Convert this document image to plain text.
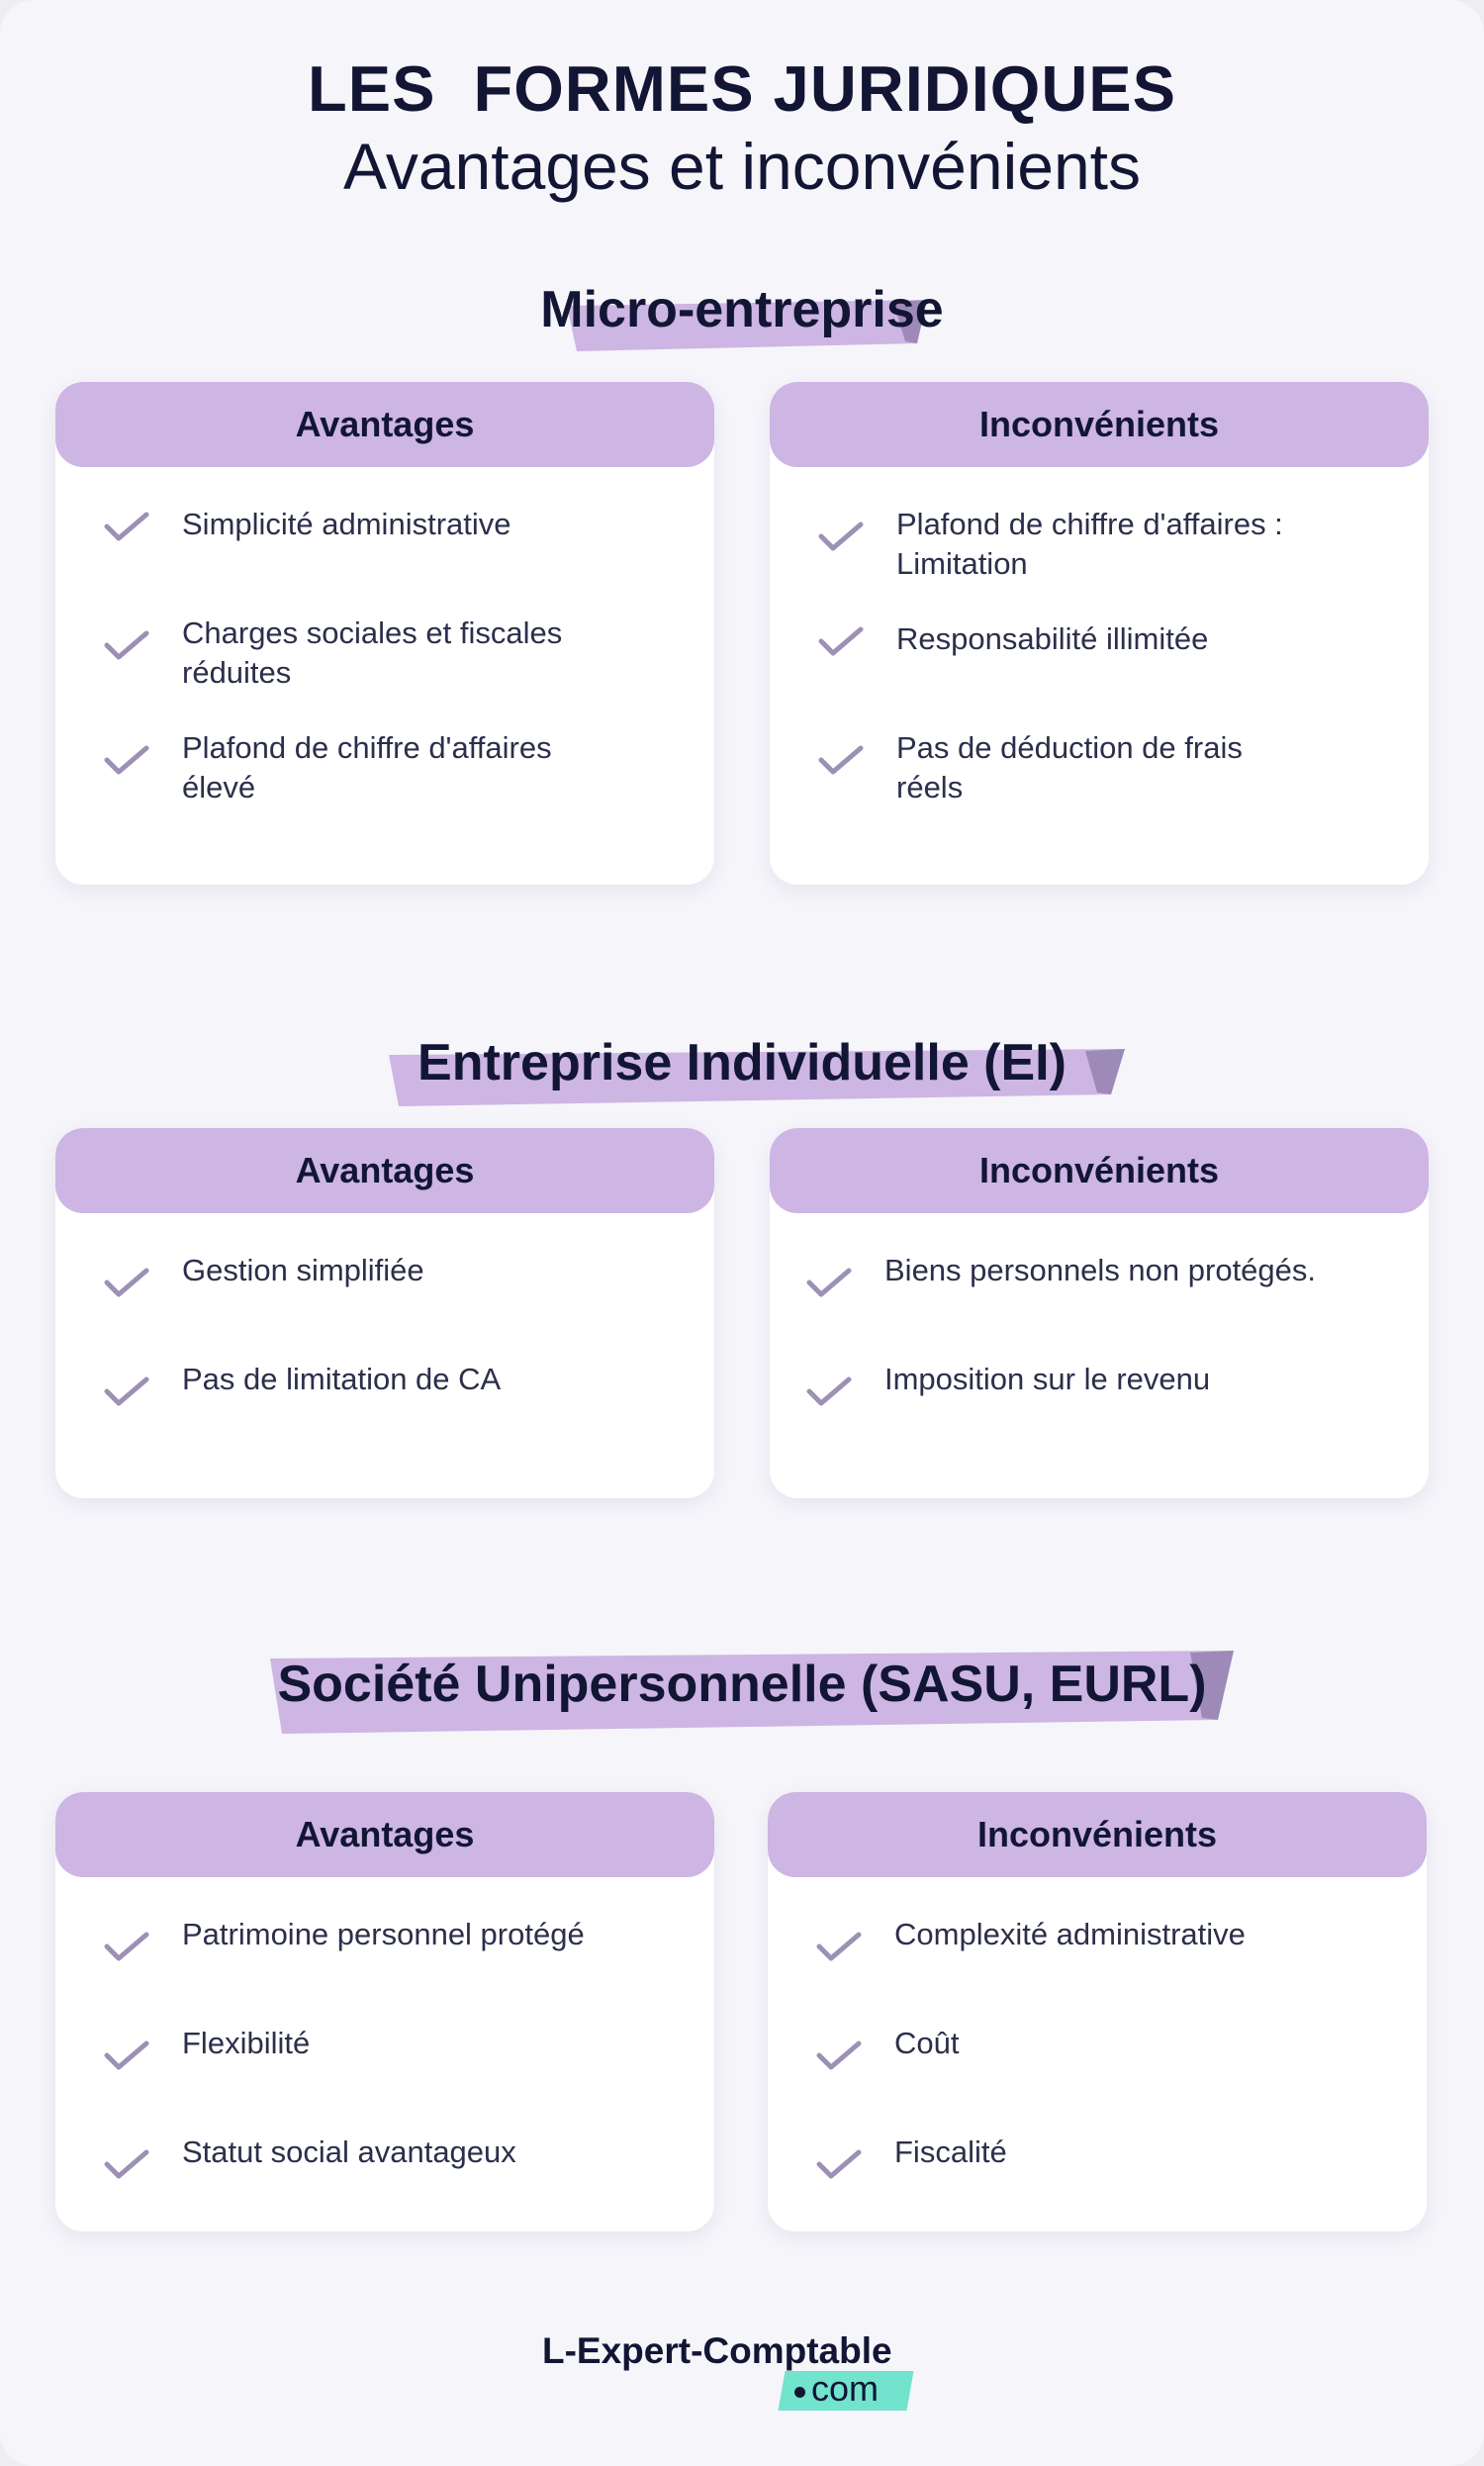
LES  FORMES JURIDIQUES
Avantages et inconvénients
Micro-entreprise
Avantages
Simplicité administrative
Charges sociales et fiscales
réduites
Plafond de chiffre d'affaires
élevé
Inconvénients
Plafond de chiffre d'affaires :
Limitation
Responsabilité illimitée
Pas de déduction de frais
réels
Entreprise Individuelle (EI)
Avantages
Gestion simplifiée
Pas de limitation de CA
Inconvénients
Biens personnels non protégés.
Imposition sur le revenu
Société Unipersonnelle (SASU, EURL)
Avantages
Patrimoine personnel protégé
Flexibilité
Statut social avantageux
Inconvénients
Complexité administrative
Coût
Fiscalité
L-Expert-Comptable
com
